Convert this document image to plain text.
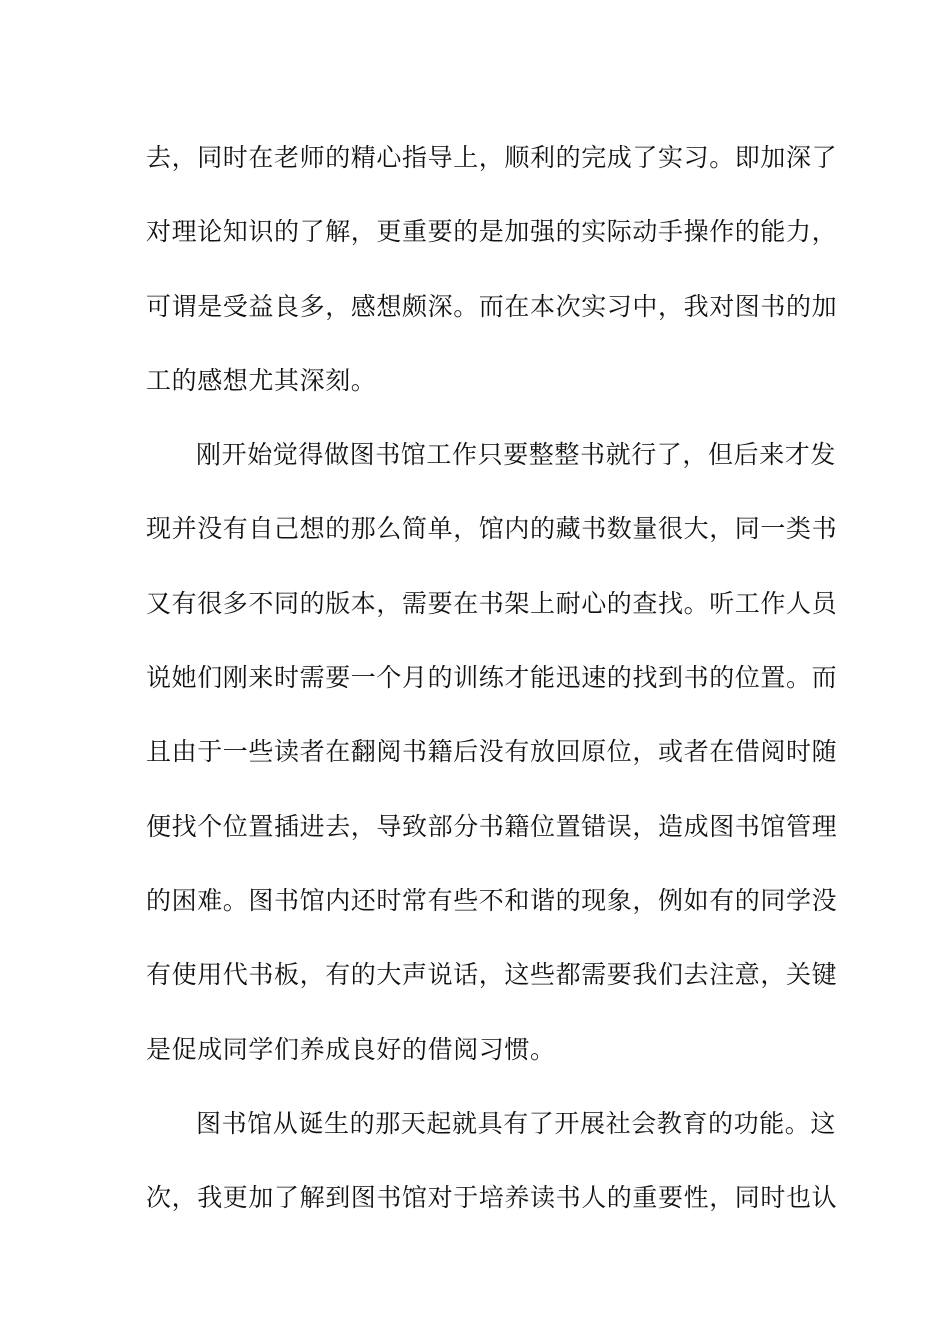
去，同时在老师的精心指导上，顺利的完成了实习。即加深了
对理论知识的了解，更重要的是加强的实际动手操作的能力，
可谓是受益良多，感想颇深。而在本次实习中，我对图书的加
工的感想尤其深刻。
刚开始觉得做图书馆工作只要整整书就行了，但后来才发
现并没有自己想的那么简单，馆内的藏书数量很大，同一类书
又有很多不同的版本，需要在书架上耐心的查找。听工作人员
说她们刚来时需要一个月的训练才能迅速的找到书的位置。而
且由于一些读者在翻阅书籍后没有放回原位，或者在借阅时随
便找个位置插进去，导致部分书籍位置错误，造成图书馆管理
的困难。图书馆内还时常有些不和谐的现象，例如有的同学没
有使用代书板，有的大声说话，这些都需要我们去注意，关键
是促成同学们养成良好的借阅习惯。
图书馆从诞生的那天起就具有了开展社会教育的功能。这
次，我更加了解到图书馆对于培养读书人的重要性，同时也认
